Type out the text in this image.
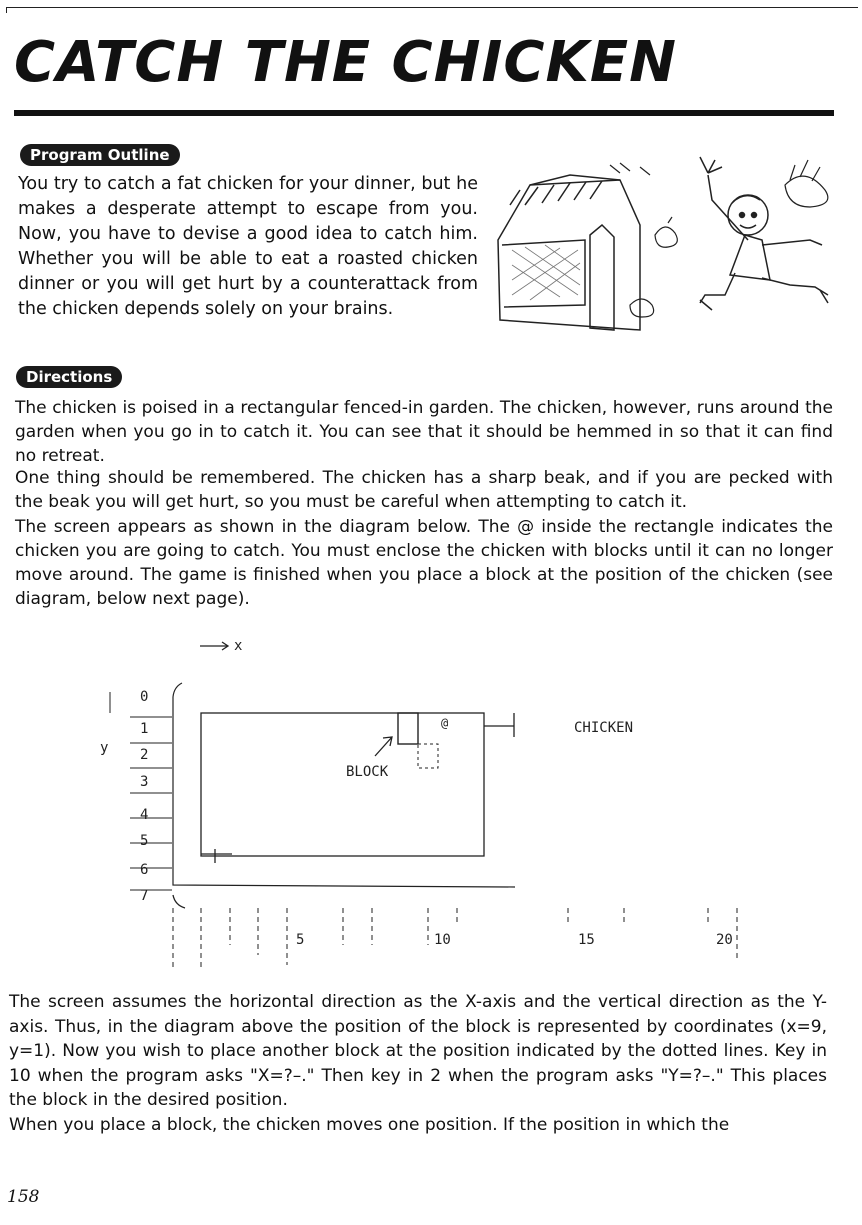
CATCH THE CHICKEN
Program Outline
You try to catch a fat chicken for your dinner, but he makes a desperate attempt to escape from you. Now, you have to devise a good idea to catch him. Whether you will be able to eat a roasted chicken dinner or you will get hurt by a counterattack from the chicken depends solely on your brains.
Directions
The chicken is poised in a rectangular fenced-in garden. The chicken, however, runs around the garden when you go in to catch it. You can see that it should be hemmed in so that it can find no retreat.
One thing should be remembered. The chicken has a sharp beak, and if you are pecked with the beak you will get hurt, so you must be careful when attempting to catch it.
The screen appears as shown in the diagram below. The @ inside the rectangle indicates the chicken you are going to catch. You must enclose the chicken with blocks until it can no longer move around. The game is finished when you place a block at the position of the chicken (see diagram, below next page).
x
y
0
1
2
3
4
5
6
7
5	10	15	20
BLOCK
CHICKEN
@

The screen assumes the horizontal direction as the X-axis and the vertical direction as the Y-axis. Thus, in the diagram above the position of the block is represented by coordinates (x=9, y=1). Now you wish to place another block at the position indicated by the dotted lines. Key in 10 when the program asks "X=?–." Then key in 2 when the program asks "Y=?–." This places the block in the desired position.

When you place a block, the chicken moves one position. If the position in which the

158
